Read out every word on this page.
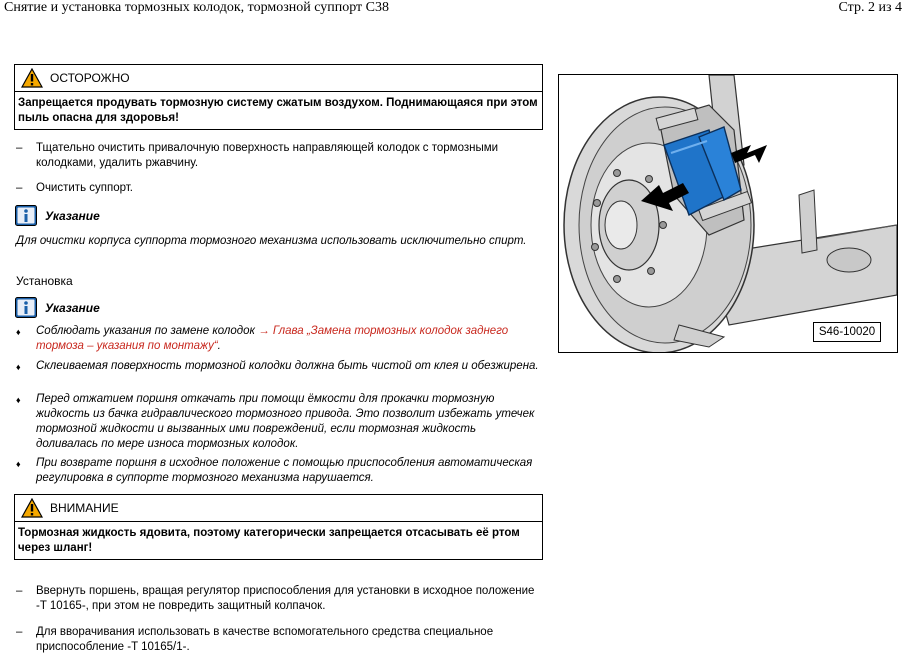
Снятие и установка тормозных колодок, тормозной суппорт С38	Стр. 2 из 4
ОСТОРОЖНО
Запрещается продувать тормозную систему сжатым воздухом. Поднимающаяся при этом пыль опасна для здоровья!
–	Тщательно очистить привалочную поверхность направляющей колодок с тормозными колодками, удалить ржавчину.
–	Очистить суппорт.
Указание
Для очистки корпуса суппорта тормозного механизма использовать исключительно спирт.
Установка
Указание
♦	Соблюдать указания по замене колодок → Глава „Замена тормозных колодок заднего тормоза – указания по монтажу“.
♦	Склеиваемая поверхность тормозной колодки должна быть чистой от клея и обезжирена.
♦	Перед отжатием поршня откачать при помощи ёмкости для прокачки тормозную жидкость из бачка гидравлического тормозного привода. Это позволит избежать утечек тормозной жидкости и вызванных ими повреждений, если тормозная жидкость доливалась по мере износа тормозных колодок.
♦	При возврате поршня в исходное положение с помощью приспособления автоматическая регулировка в суппорте тормозного механизма нарушается.
ВНИМАНИЕ
Тормозная жидкость ядовита, поэтому категорически запрещается отсасывать её ртом через шланг!
–	Ввернуть поршень, вращая регулятор приспособления для установки в исходное положение -T 10165-, при этом не повредить защитный колпачок.
–	Для вворачивания использовать в качестве вспомогательного средства специальное приспособление -T 10165/1-.
S46-10020
